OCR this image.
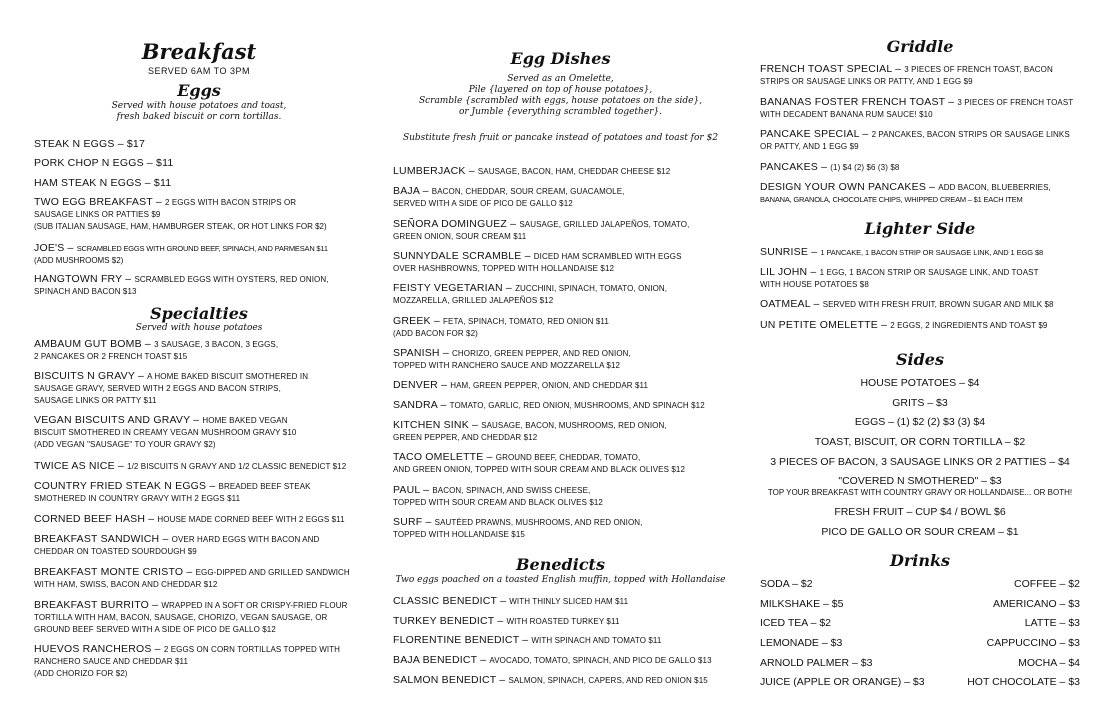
Breakfast
SERVED 6AM TO 3PM
Eggs
Served with house potatoes and toast,
fresh baked biscuit or corn tortillas.
STEAK N EGGS – $17
PORK CHOP N EGGS – $11
HAM STEAK N EGGS – $11
TWO EGG BREAKFAST – 2 EGGS WITH BACON STRIPS OR
SAUSAGE LINKS OR PATTIES $9
(SUB ITALIAN SAUSAGE, HAM, HAMBURGER STEAK, OR HOT LINKS FOR $2)
JOE'S – SCRAMBLED EGGS WITH GROUND BEEF, SPINACH, AND PARMESAN $11
(ADD MUSHROOMS $2)
HANGTOWN FRY – SCRAMBLED EGGS WITH OYSTERS, RED ONION,
SPINACH AND BACON $13
Specialties
Served with house potatoes
AMBAUM GUT BOMB – 3 SAUSAGE, 3 BACON, 3 EGGS,
2 PANCAKES OR 2 FRENCH TOAST $15
BISCUITS N GRAVY – A HOME BAKED BISCUIT SMOTHERED IN
SAUSAGE GRAVY, SERVED WITH 2 EGGS AND BACON STRIPS,
SAUSAGE LINKS OR PATTY $11
VEGAN BISCUITS AND GRAVY – HOME BAKED VEGAN
BISCUIT SMOTHERED IN CREAMY VEGAN MUSHROOM GRAVY $10
(ADD VEGAN "SAUSAGE" TO YOUR GRAVY $2)
TWICE AS NICE – 1/2 BISCUITS N GRAVY AND 1/2 CLASSIC BENEDICT $12
COUNTRY FRIED STEAK N EGGS – BREADED BEEF STEAK
SMOTHERED IN COUNTRY GRAVY WITH 2 EGGS $11
CORNED BEEF HASH – HOUSE MADE CORNED BEEF WITH 2 EGGS $11
BREAKFAST SANDWICH – OVER HARD EGGS WITH BACON AND
CHEDDAR ON TOASTED SOURDOUGH $9
BREAKFAST MONTE CRISTO – EGG-DIPPED AND GRILLED SANDWICH
WITH HAM, SWISS, BACON AND CHEDDAR $12
BREAKFAST BURRITO – WRAPPED IN A SOFT OR CRISPY-FRIED FLOUR
TORTILLA WITH HAM, BACON, SAUSAGE, CHORIZO, VEGAN SAUSAGE, OR
GROUND BEEF SERVED WITH A SIDE OF PICO DE GALLO $12
HUEVOS RANCHEROS – 2 EGGS ON CORN TORTILLAS TOPPED WITH
RANCHERO SAUCE AND CHEDDAR $11
(ADD CHORIZO FOR $2)
Egg Dishes
Served as an Omelette,
Pile {layered on top of house potatoes},
Scramble {scrambled with eggs, house potatoes on the side},
or Jumble {everything scrambled together}.
Substitute fresh fruit or pancake instead of potatoes and toast for $2
LUMBERJACK – SAUSAGE, BACON, HAM, CHEDDAR CHEESE $12
BAJA – BACON, CHEDDAR, SOUR CREAM, GUACAMOLE,
SERVED WITH A SIDE OF PICO DE GALLO $12
SEÑORA DOMINGUEZ – SAUSAGE, GRILLED JALAPEÑOS, TOMATO,
GREEN ONION, SOUR CREAM $11
SUNNYDALE SCRAMBLE – DICED HAM SCRAMBLED WITH EGGS
OVER HASHBROWNS, TOPPED WITH HOLLANDAISE $12
FEISTY VEGETARIAN – ZUCCHINI, SPINACH, TOMATO, ONION,
MOZZARELLA, GRILLED JALAPEÑOS $12
GREEK – FETA, SPINACH, TOMATO, RED ONION $11
(ADD BACON FOR $2)
SPANISH – CHORIZO, GREEN PEPPER, AND RED ONION,
TOPPED WITH RANCHERO SAUCE AND MOZZARELLA $12
DENVER – HAM, GREEN PEPPER, ONION, AND CHEDDAR $11
SANDRA – TOMATO, GARLIC, RED ONION, MUSHROOMS, AND SPINACH $12
KITCHEN SINK – SAUSAGE, BACON, MUSHROOMS, RED ONION,
GREEN PEPPER, AND CHEDDAR $12
TACO OMELETTE – GROUND BEEF, CHEDDAR, TOMATO,
AND GREEN ONION, TOPPED WITH SOUR CREAM AND BLACK OLIVES $12
PAUL – BACON, SPINACH, AND SWISS CHEESE,
TOPPED WITH SOUR CREAM AND BLACK OLIVES $12
SURF – SAUTÉED PRAWNS, MUSHROOMS, AND RED ONION,
TOPPED WITH HOLLANDAISE $15
Benedicts
Two eggs poached on a toasted English muffin, topped with Hollandaise
CLASSIC BENEDICT – WITH THINLY SLICED HAM $11
TURKEY BENEDICT – WITH ROASTED TURKEY $11
FLORENTINE BENEDICT – WITH SPINACH AND TOMATO $11
BAJA BENEDICT – AVOCADO, TOMATO, SPINACH, AND PICO DE GALLO $13
SALMON BENEDICT – SALMON, SPINACH, CAPERS, AND RED ONION $15
Griddle
FRENCH TOAST SPECIAL – 3 PIECES OF FRENCH TOAST, BACON
STRIPS OR SAUSAGE LINKS OR PATTY, AND 1 EGG $9
BANANAS FOSTER FRENCH TOAST – 3 PIECES OF FRENCH TOAST
WITH DECADENT BANANA RUM SAUCE! $10
PANCAKE SPECIAL – 2 PANCAKES, BACON STRIPS OR SAUSAGE LINKS
OR PATTY, AND 1 EGG $9
PANCAKES – (1) $4 (2) $6 (3) $8
DESIGN YOUR OWN PANCAKES – ADD BACON, BLUEBERRIES,
BANANA, GRANOLA, CHOCOLATE CHIPS, WHIPPED CREAM – $1 EACH ITEM
Lighter Side
SUNRISE – 1 PANCAKE, 1 BACON STRIP OR SAUSAGE LINK, AND 1 EGG $8
LIL JOHN – 1 EGG, 1 BACON STRIP OR SAUSAGE LINK, AND TOAST
WITH HOUSE POTATOES $8
OATMEAL – SERVED WITH FRESH FRUIT, BROWN SUGAR AND MILK $8
UN PETITE OMELETTE – 2 EGGS, 2 INGREDIENTS AND TOAST $9
Sides
HOUSE POTATOES – $4
GRITS – $3
EGGS – (1) $2 (2) $3 (3) $4
TOAST, BISCUIT, OR CORN TORTILLA – $2
3 PIECES OF BACON, 3 SAUSAGE LINKS OR 2 PATTIES – $4
"COVERED N SMOTHERED" – $3
TOP YOUR BREAKFAST WITH COUNTRY GRAVY OR HOLLANDAISE... OR BOTH!
FRESH FRUIT – CUP $4 / BOWL $6
PICO DE GALLO OR SOUR CREAM – $1
Drinks
SODA – $2	COFFEE – $2
MILKSHAKE – $5	AMERICANO – $3
ICED TEA – $2	LATTE – $3
LEMONADE – $3	CAPPUCCINO – $3
ARNOLD PALMER – $3	MOCHA – $4
JUICE (APPLE OR ORANGE) – $3	HOT CHOCOLATE – $3
